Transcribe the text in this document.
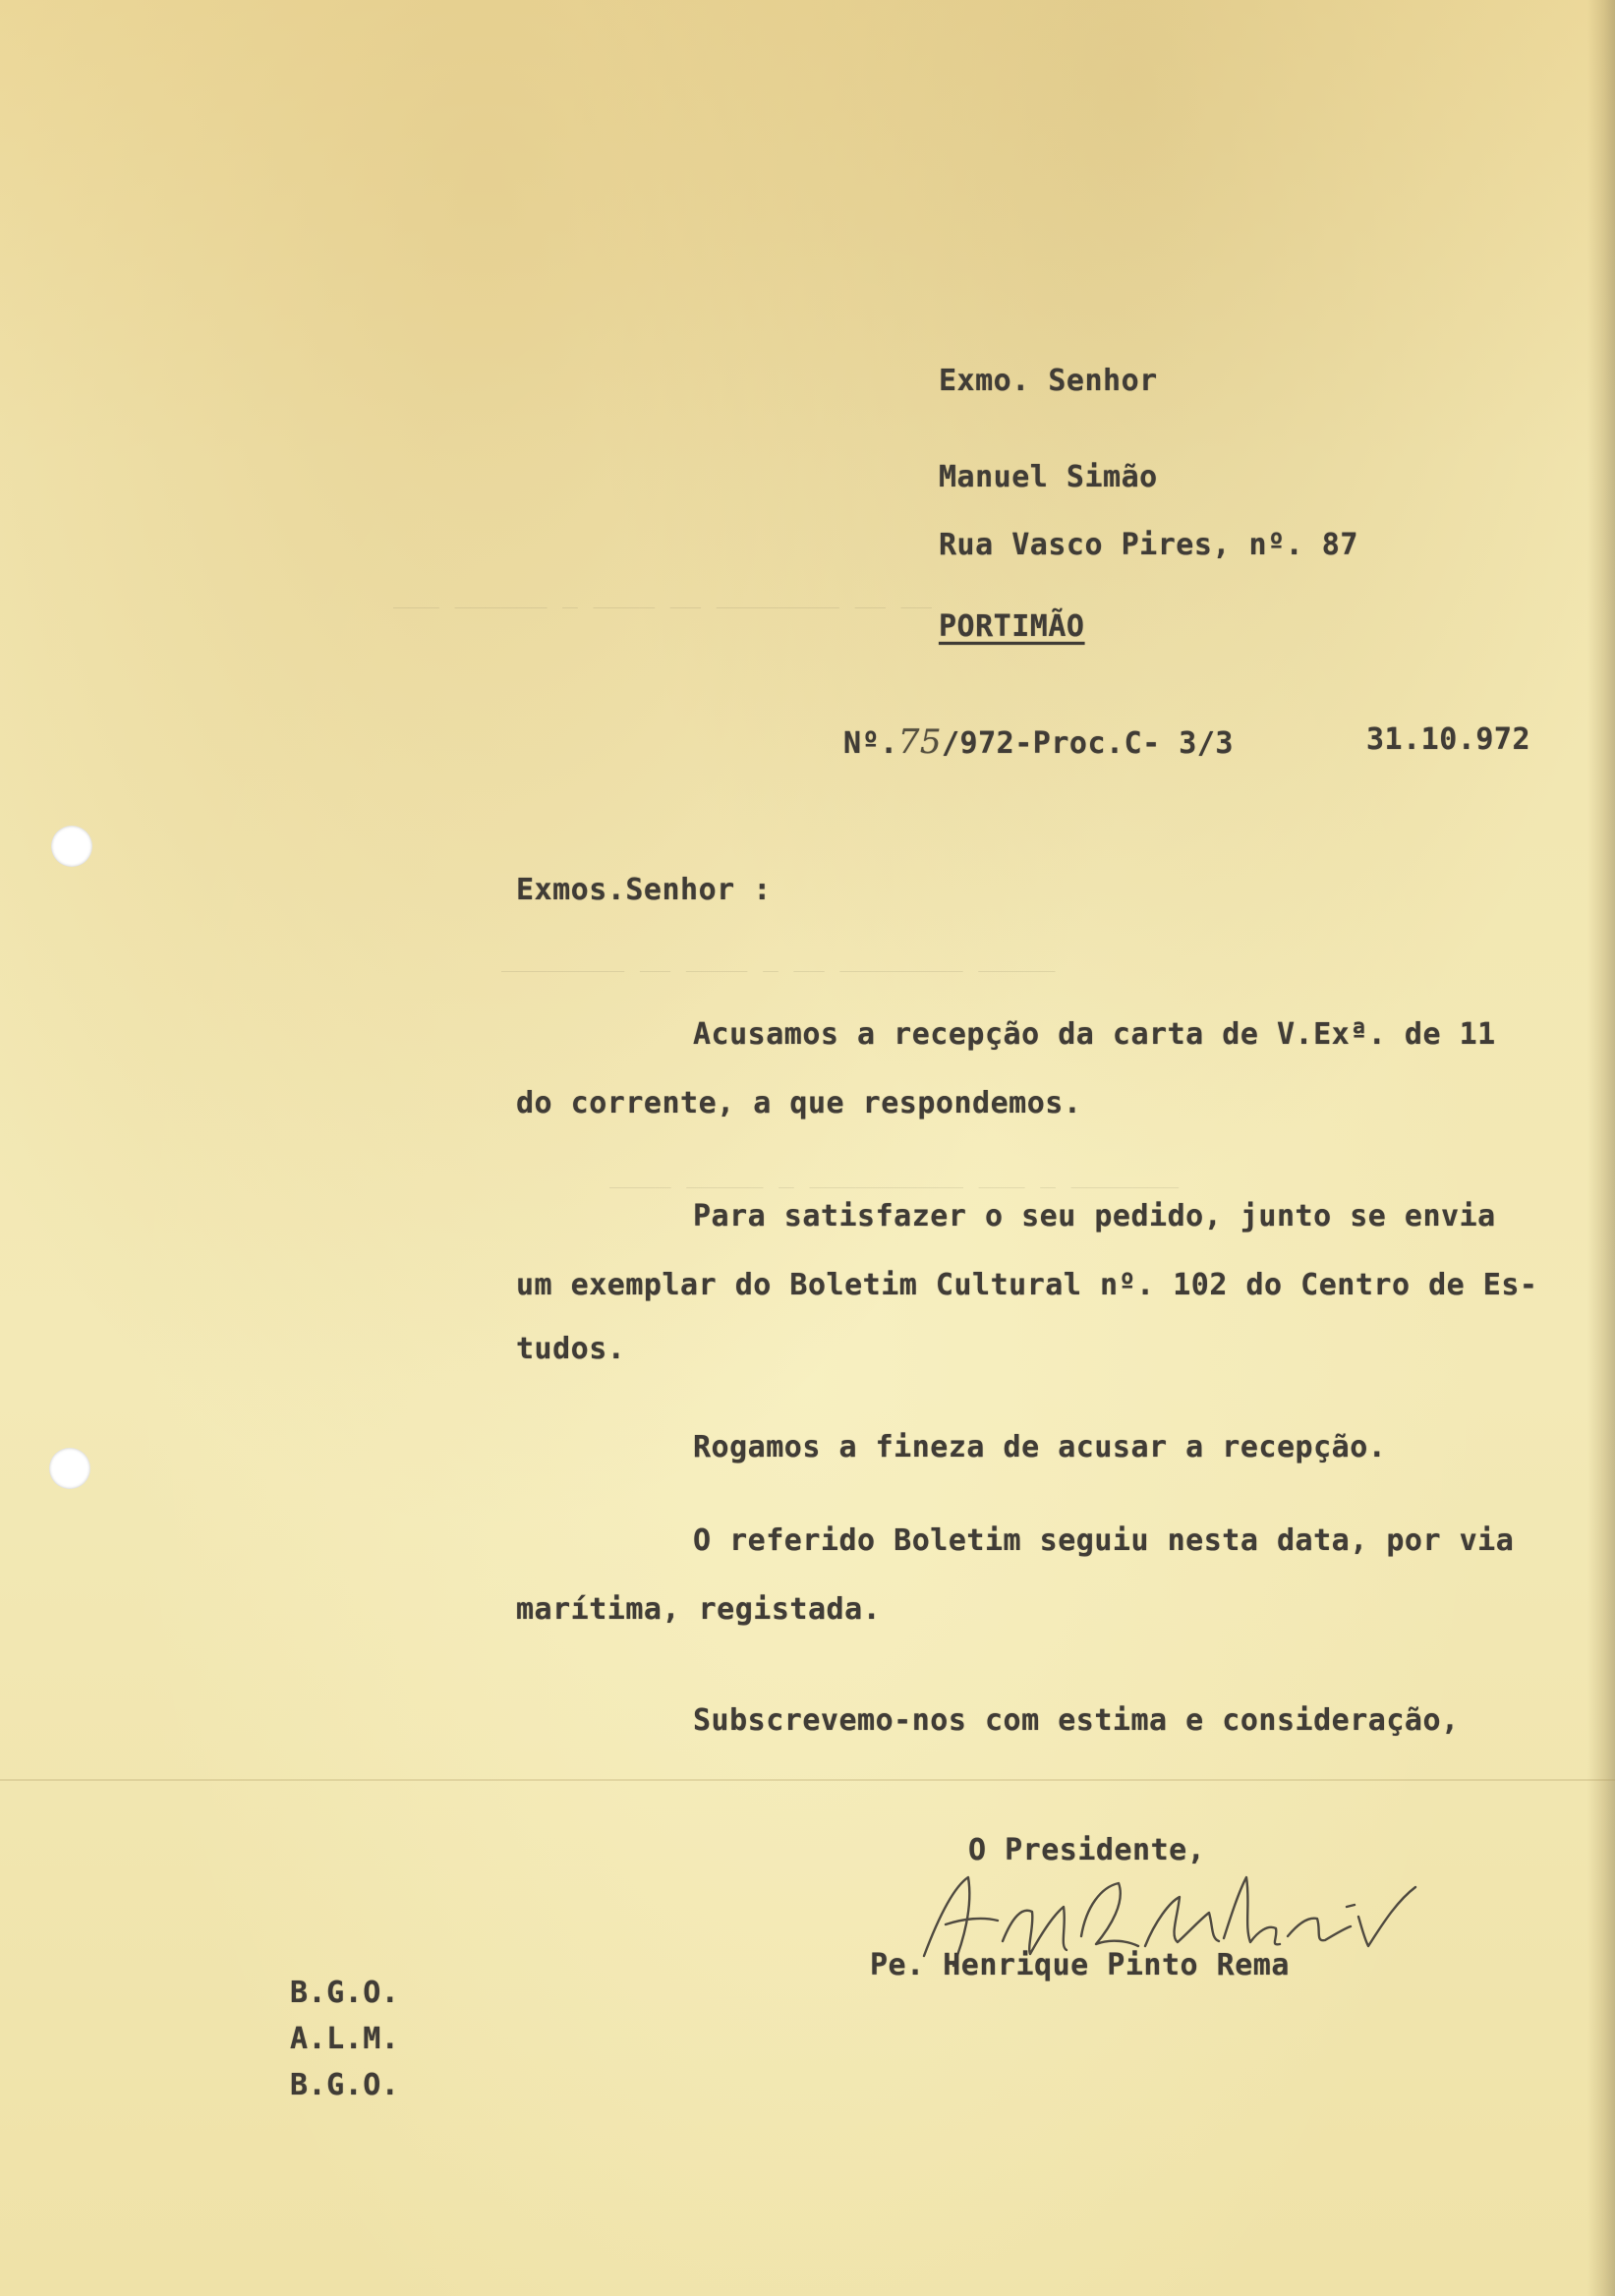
___ ______ _ ____ __ ________ __ __
________ __ ____ _ __ ________ _____
____ _____ _ __________ ___ _ _______
Exmo. Senhor
Manuel Simão
Rua Vasco Pires, nº. 87
PORTIMÃO
Nº.75/972-Proc.C- 3/3	31.10.972
Exmos.Senhor :
Acusamos a recepção da carta de V.Exª. de 11
do corrente, a que respondemos.
Para satisfazer o seu pedido, junto se envia
um exemplar do Boletim Cultural nº. 102 do Centro de Es-
tudos.
Rogamos a fineza de acusar a recepção.
O referido Boletim seguiu nesta data, por via
marítima, registada.
Subscrevemo-nos com estima e consideração,
O Presidente,
Pe. Henrique Pinto Rema
B.G.O.
A.L.M.
B.G.O.
